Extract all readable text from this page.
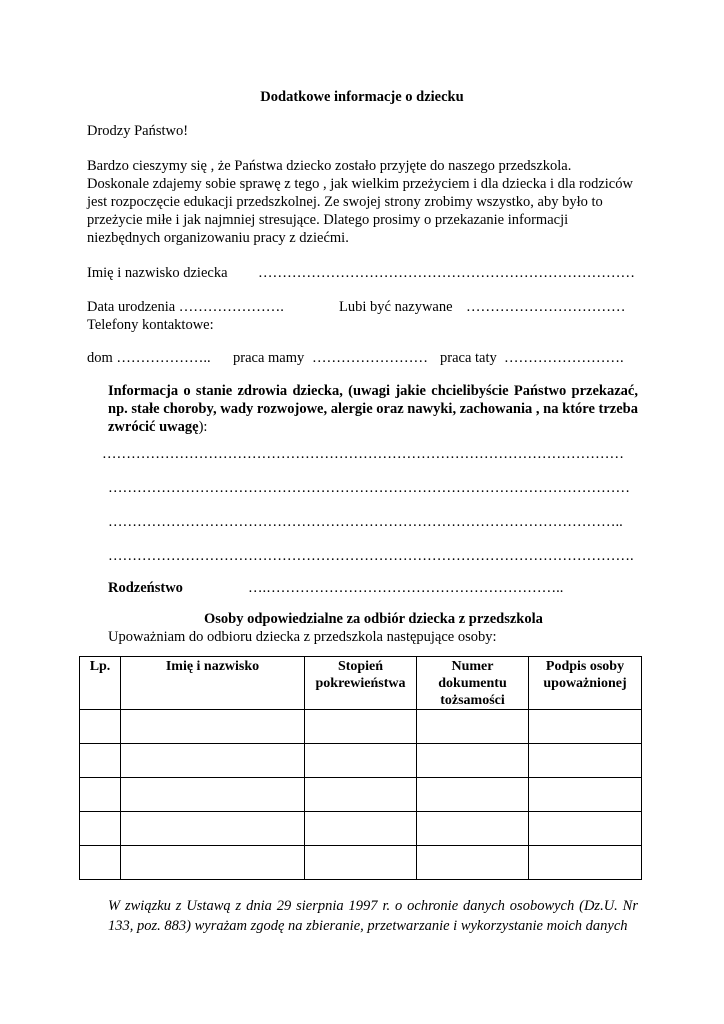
Dodatkowe informacje o dziecku
Drodzy Państwo!
Bardzo cieszymy się , że Państwa dziecko zostało przyjęte do naszego przedszkola.
Doskonale zdajemy sobie sprawę z tego , jak wielkim przeżyciem i dla dziecka i dla rodziców
jest rozpoczęcie edukacji przedszkolnej. Ze swojej strony zrobimy wszystko, aby było to
przeżycie miłe i jak najmniej stresujące. Dlatego prosimy o przekazanie informacji
niezbędnych organizowaniu pracy z dziećmi.
Imię i nazwisko dziecka ……………………………………………………………………
Data urodzenia ………………….	Lubi być nazywane ……………………………
Telefony kontaktowe:
dom ……………….. praca mamy …………………… praca taty …………………….
Informacja o stanie zdrowia dziecka, (uwagi jakie chcielibyście Państwo przekazać, np. stałe choroby, wady rozwojowe, alergie oraz nawyki, zachowania , na które trzeba zwrócić uwagę):
………………………………………………………………………………………………
………………………………………………………………………………………………
……………………………………………………………………………………………..
……………………………………………………………………………………………….
Rodzeństwo	….……………………………………………………..
Osoby odpowiedzialne za odbiór dziecka z przedszkola
Upoważniam do odbioru dziecka z przedszkola następujące osoby:
Lp.	Imię i nazwisko	Stopień pokrewieństwa	Numer dokumentu tożsamości	Podpis osoby upoważnionej

W związku z Ustawą z dnia 29 sierpnia 1997 r. o ochronie danych osobowych (Dz.U. Nr 133, poz. 883) wyrażam zgodę na zbieranie, przetwarzanie i wykorzystanie moich danych
